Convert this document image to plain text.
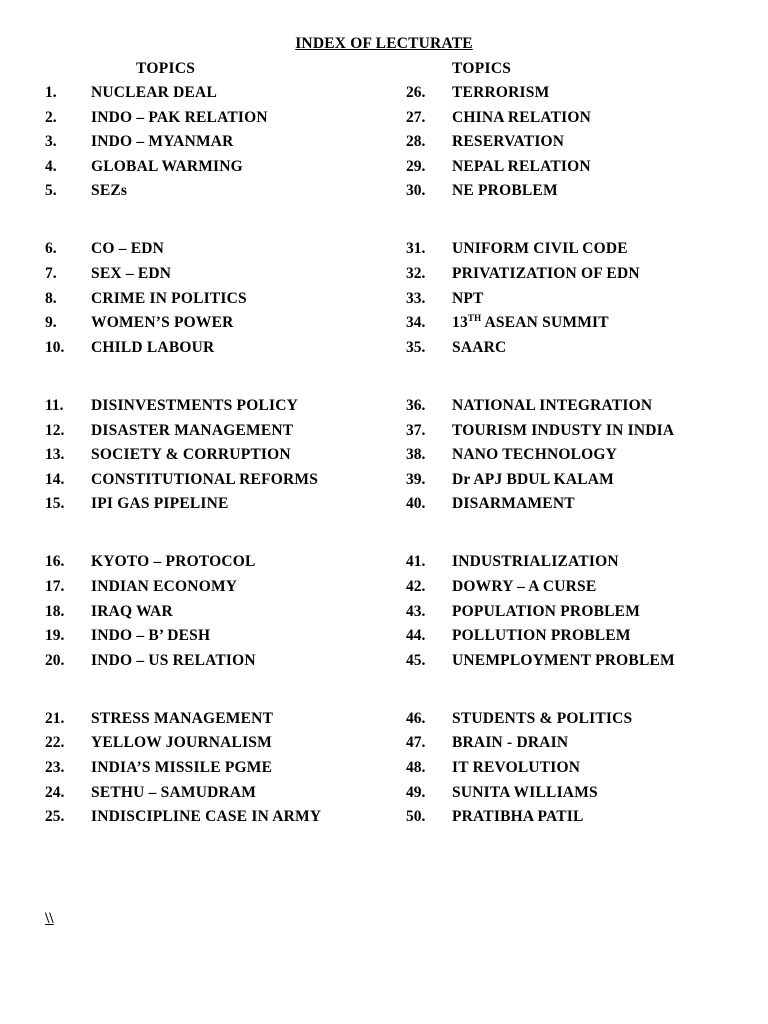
INDEX OF LECTURATE
TOPICS	TOPICS
1. NUCLEAR DEAL
2. INDO – PAK RELATION
3. INDO – MYANMAR
4. GLOBAL WARMING
5. SEZs
6. CO – EDN
7. SEX – EDN
8. CRIME IN POLITICS
9. WOMEN’S POWER
10. CHILD LABOUR
11. DISINVESTMENTS POLICY
12. DISASTER MANAGEMENT
13. SOCIETY & CORRUPTION
14. CONSTITUTIONAL REFORMS
15. IPI GAS PIPELINE
16. KYOTO – PROTOCOL
17. INDIAN ECONOMY
18. IRAQ WAR
19. INDO – B’ DESH
20. INDO – US RELATION
21. STRESS MANAGEMENT
22. YELLOW JOURNALISM
23. INDIA’S MISSILE PGME
24. SETHU – SAMUDRAM
25. INDISCIPLINE CASE IN ARMY
26. TERRORISM
27. CHINA RELATION
28. RESERVATION
29. NEPAL RELATION
30. NE PROBLEM
31. UNIFORM CIVIL CODE
32. PRIVATIZATION OF EDN
33. NPT
34. 13TH ASEAN SUMMIT
35. SAARC
36. NATIONAL INTEGRATION
37. TOURISM INDUSTY IN INDIA
38. NANO TECHNOLOGY
39. Dr APJ BDUL KALAM
40. DISARMAMENT
41. INDUSTRIALIZATION
42. DOWRY – A CURSE
43. POPULATION PROBLEM
44. POLLUTION PROBLEM
45. UNEMPLOYMENT PROBLEM
46. STUDENTS & POLITICS
47. BRAIN - DRAIN
48. IT REVOLUTION
49. SUNITA WILLIAMS
50. PRATIBHA PATIL
\\
